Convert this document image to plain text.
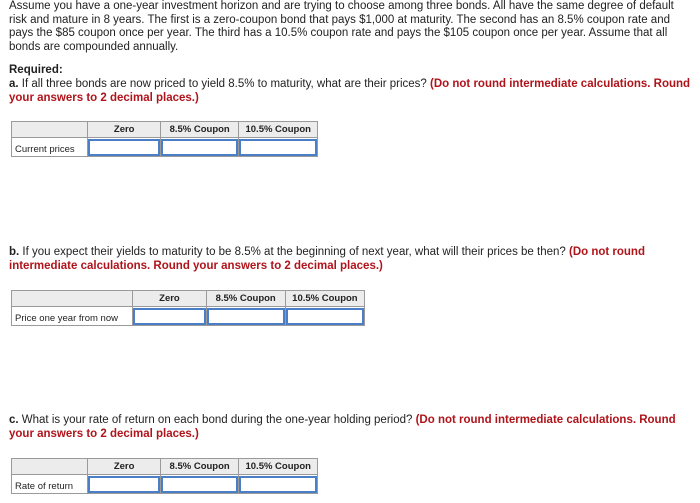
Assume you have a one-year investment horizon and are trying to choose among three bonds. All have the same degree of default risk and mature in 8 years. The first is a zero-coupon bond that pays $1,000 at maturity. The second has an 8.5% coupon rate and pays the $85 coupon once per year. The third has a 10.5% coupon rate and pays the $105 coupon once per year. Assume that all bonds are compounded annually.

Required:

a. If all three bonds are now priced to yield 8.5% to maturity, what are their prices? (Do not round intermediate calculations. Round your answers to 2 decimal places.)

	Zero	8.5% Coupon	10.5% Coupon
Current prices	

b. If you expect their yields to maturity to be 8.5% at the beginning of next year, what will their prices be then? (Do not round intermediate calculations. Round your answers to 2 decimal places.)

	Zero	8.5% Coupon	10.5% Coupon
Price one year from now	

c. What is your rate of return on each bond during the one-year holding period? (Do not round intermediate calculations. Round your answers to 2 decimal places.)

	Zero	8.5% Coupon	10.5% Coupon
Rate of return	
